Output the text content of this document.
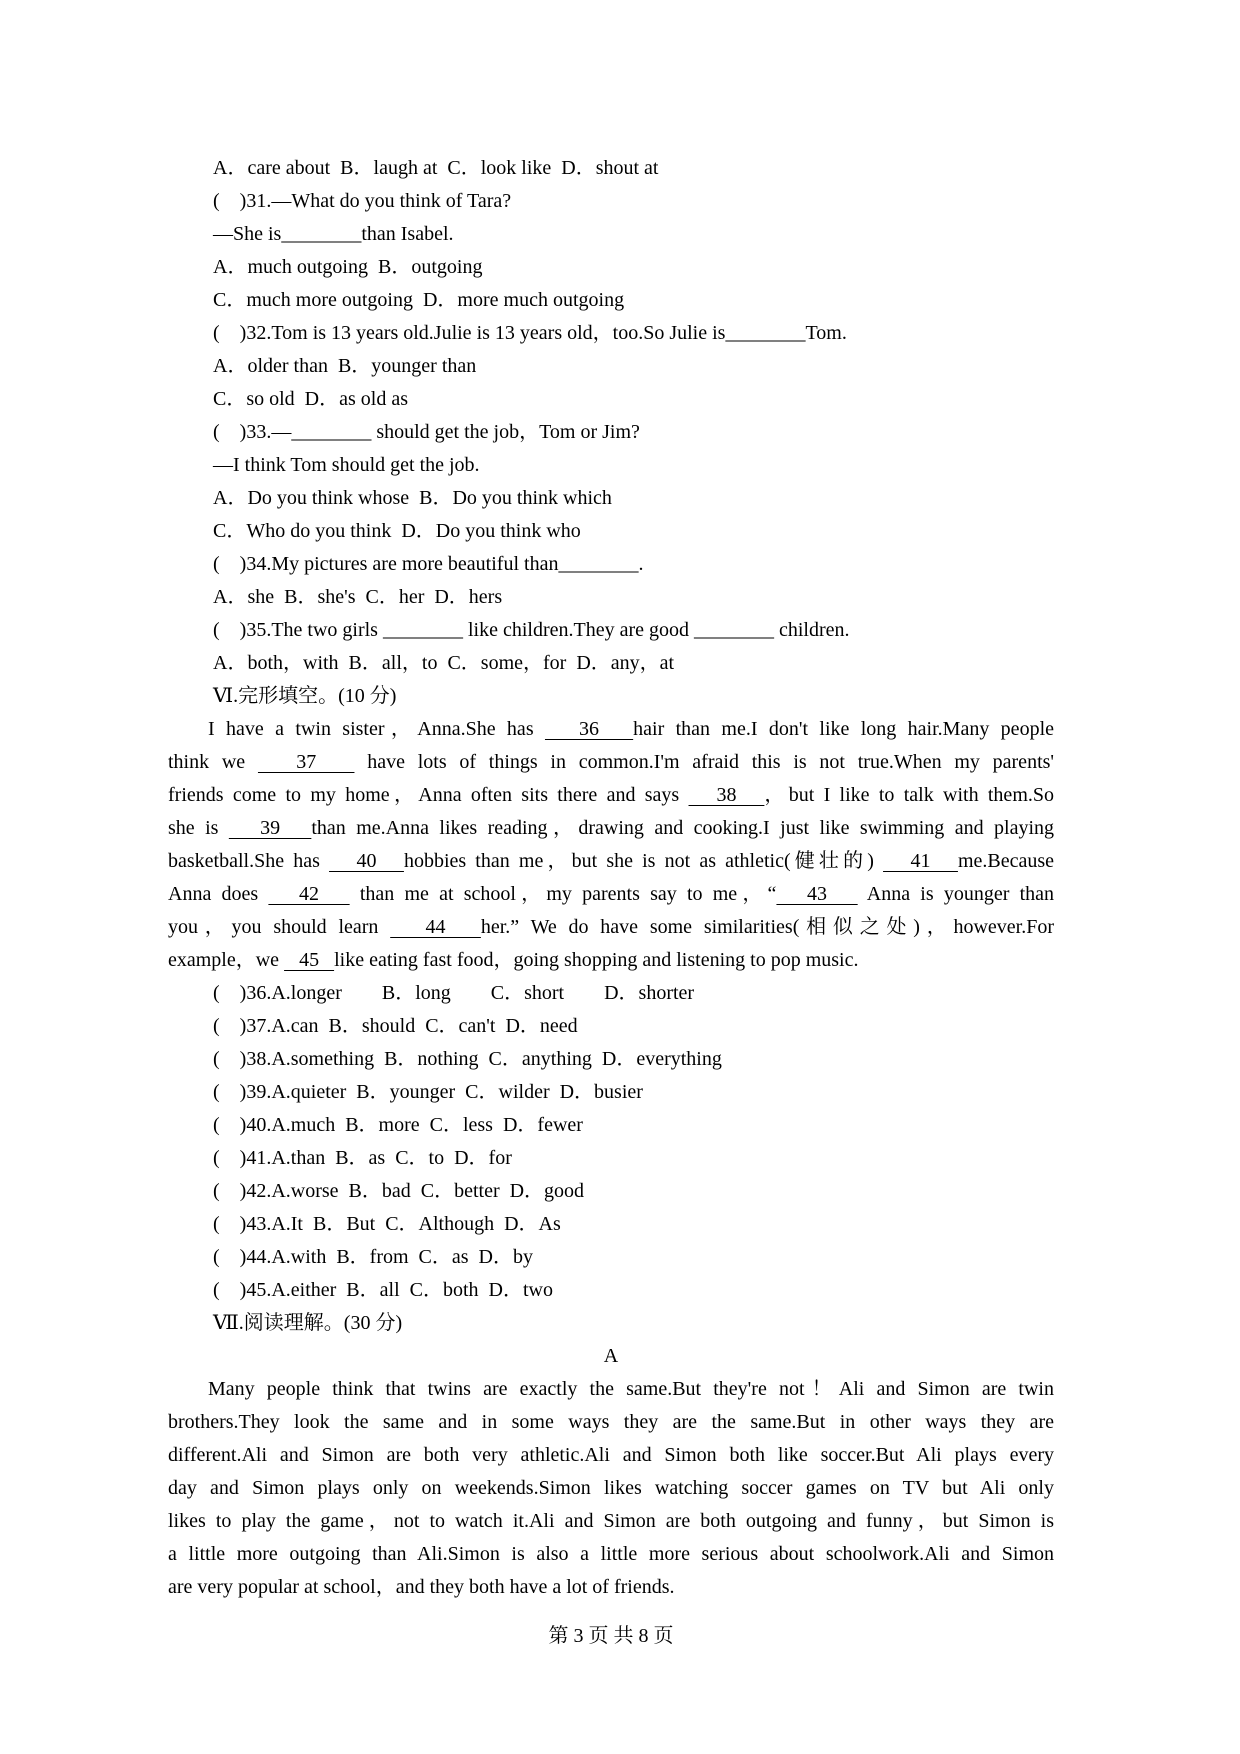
A．care about  B．laugh at  C．look like  D．shout at
(　)31.—What do you think of Tara?
—She is________than Isabel.
A．much outgoing  B．outgoing
C．much more outgoing  D．more much outgoing
(　)32.Tom is 13 years old.Julie is 13 years old，too.So Julie is________Tom.
A．older than  B．younger than
C．so old  D．as old as
(　)33.—________ should get the job，Tom or Jim?
—I think Tom should get the job.
A．Do you think whose  B．Do you think which
C．Who do you think  D．Do you think who
(　)34.My pictures are more beautiful than________.
A．she  B．she's  C．her  D．hers
(　)35.The two girls ________ like children.They are good ________ children.
A．both，with  B．all，to  C．some，for  D．any，at
Ⅵ.完形填空。(10 分)

I have a twin sister，Anna.She has    36   hair than me.I don't like long hair.Many people

think we    37    have lots of things in common.I'm afraid this is not true.When my parents'

friends come to my home，Anna often sits there and says    38   ，but I like to talk with them.So

she is    39   than me.Anna likes reading，drawing and cooking.I just like swimming and playing

basketball.She has    40   hobbies than me，but she is not as athletic(健壮的)    41   me.Because

Anna does    42    than me at school，my parents say to me，“   43    Anna is younger than

you，you should learn    44   her.” We do have some similarities(相似之处)，however.For

example，we    45   like eating fast food，going shopping and listening to pop music.

(　)36.A.longer        B．long        C．short        D．shorter
(　)37.A.can  B．should  C．can't  D．need
(　)38.A.something  B．nothing  C．anything  D．everything
(　)39.A.quieter  B．younger  C．wilder  D．busier
(　)40.A.much  B．more  C．less  D．fewer
(　)41.A.than  B．as  C．to  D．for
(　)42.A.worse  B．bad  C．better  D．good
(　)43.A.It  B．But  C．Although  D．As
(　)44.A.with  B．from  C．as  D．by
(　)45.A.either  B．all  C．both  D．two
Ⅶ.阅读理解。(30 分)
A

Many people think that twins are exactly the same.But they're not！Ali and Simon are twin

brothers.They look the same and in some ways they are the same.But in other ways they are

different.Ali and Simon are both very athletic.Ali and Simon both like soccer.But Ali plays every

day and Simon plays only on weekends.Simon likes watching soccer games on TV but Ali only

likes to play the game，not to watch it.Ali and Simon are both outgoing and funny，but Simon is

a little more outgoing than Ali.Simon is also a little more serious about schoolwork.Ali and Simon

are very popular at school，and they both have a lot of friends.

第 3 页 共 8 页
